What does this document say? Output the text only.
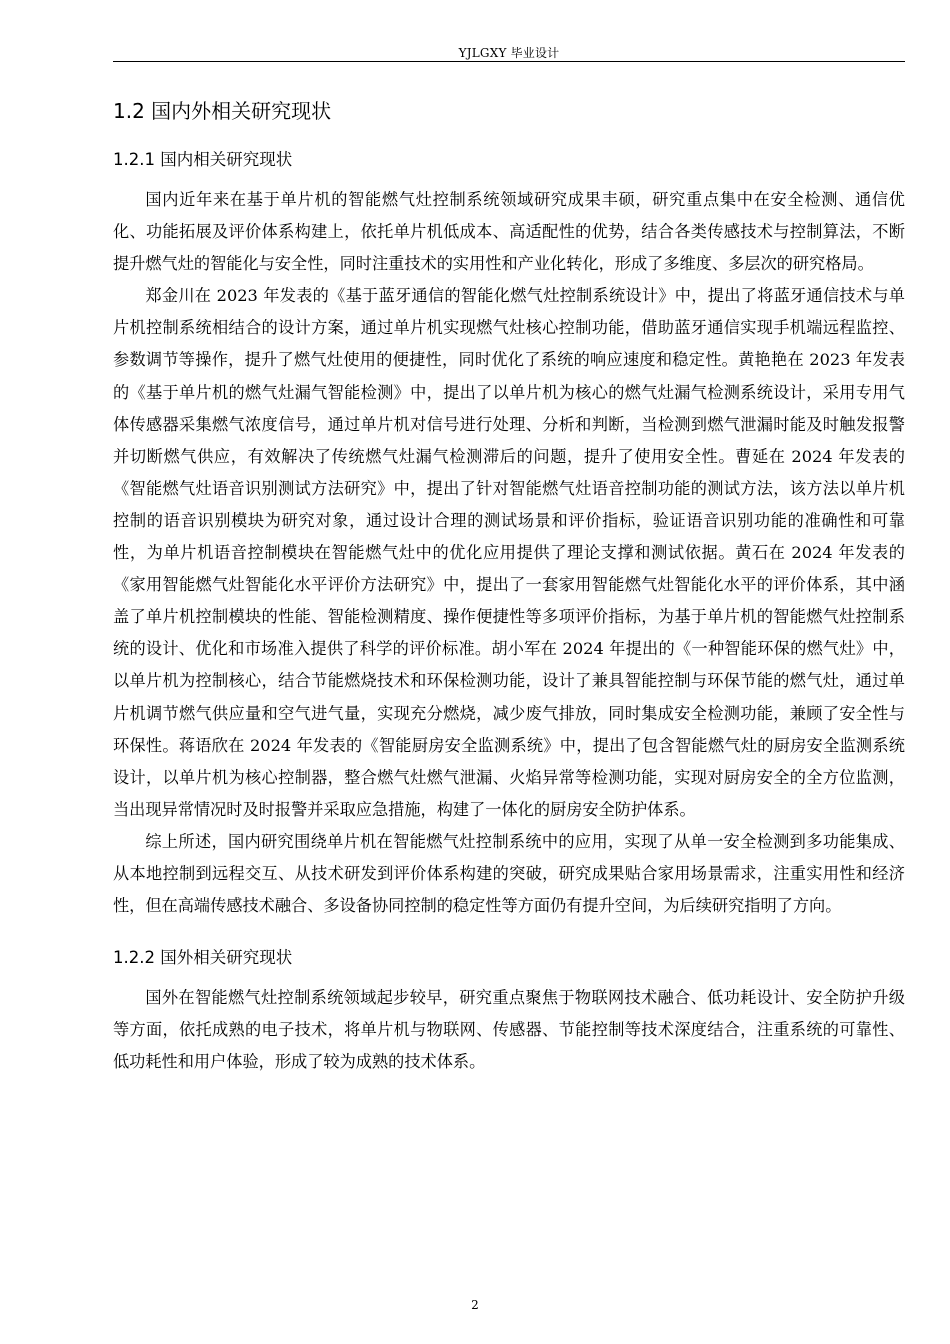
YJLGXY 毕业设计
1.2 国内外相关研究现状
1.2.1 国内相关研究现状

国内近年来在基于单片机的智能燃气灶控制系统领域研究成果丰硕，研究重点集中在安全检测、通信优化、功能拓展及评价体系构建上，依托单片机低成本、高适配性的优势，结合各类传感技术与控制算法，不断提升燃气灶的智能化与安全性，同时注重技术的实用性和产业化转化，形成了多维度、多层次的研究格局。

郑金川在 2023 年发表的《基于蓝牙通信的智能化燃气灶控制系统设计》中，提出了将蓝牙通信技术与单片机控制系统相结合的设计方案，通过单片机实现燃气灶核心控制功能，借助蓝牙通信实现手机端远程监控、参数调节等操作，提升了燃气灶使用的便捷性，同时优化了系统的响应速度和稳定性。黄艳艳在 2023 年发表的《基于单片机的燃气灶漏气智能检测》中，提出了以单片机为核心的燃气灶漏气检测系统设计，采用专用气体传感器采集燃气浓度信号，通过单片机对信号进行处理、分析和判断，当检测到燃气泄漏时能及时触发报警并切断燃气供应，有效解决了传统燃气灶漏气检测滞后的问题，提升了使用安全性。曹延在 2024 年发表的《智能燃气灶语音识别测试方法研究》中，提出了针对智能燃气灶语音控制功能的测试方法，该方法以单片机控制的语音识别模块为研究对象，通过设计合理的测试场景和评价指标，验证语音识别功能的准确性和可靠性，为单片机语音控制模块在智能燃气灶中的优化应用提供了理论支撑和测试依据。黄石在 2024 年发表的《家用智能燃气灶智能化水平评价方法研究》中，提出了一套家用智能燃气灶智能化水平的评价体系，其中涵盖了单片机控制模块的性能、智能检测精度、操作便捷性等多项评价指标，为基于单片机的智能燃气灶控制系统的设计、优化和市场准入提供了科学的评价标准。胡小军在 2024 年提出的《一种智能环保的燃气灶》中，以单片机为控制核心，结合节能燃烧技术和环保检测功能，设计了兼具智能控制与环保节能的燃气灶，通过单片机调节燃气供应量和空气进气量，实现充分燃烧，减少废气排放，同时集成安全检测功能，兼顾了安全性与环保性。蒋语欣在 2024 年发表的《智能厨房安全监测系统》中，提出了包含智能燃气灶的厨房安全监测系统设计，以单片机为核心控制器，整合燃气灶燃气泄漏、火焰异常等检测功能，实现对厨房安全的全方位监测，当出现异常情况时及时报警并采取应急措施，构建了一体化的厨房安全防护体系。

综上所述，国内研究围绕单片机在智能燃气灶控制系统中的应用，实现了从单一安全检测到多功能集成、从本地控制到远程交互、从技术研发到评价体系构建的突破，研究成果贴合家用场景需求，注重实用性和经济性，但在高端传感技术融合、多设备协同控制的稳定性等方面仍有提升空间，为后续研究指明了方向。

1.2.2 国外相关研究现状

国外在智能燃气灶控制系统领域起步较早，研究重点聚焦于物联网技术融合、低功耗设计、安全防护升级等方面，依托成熟的电子技术，将单片机与物联网、传感器、节能控制等技术深度结合，注重系统的可靠性、低功耗性和用户体验，形成了较为成熟的技术体系。

2
